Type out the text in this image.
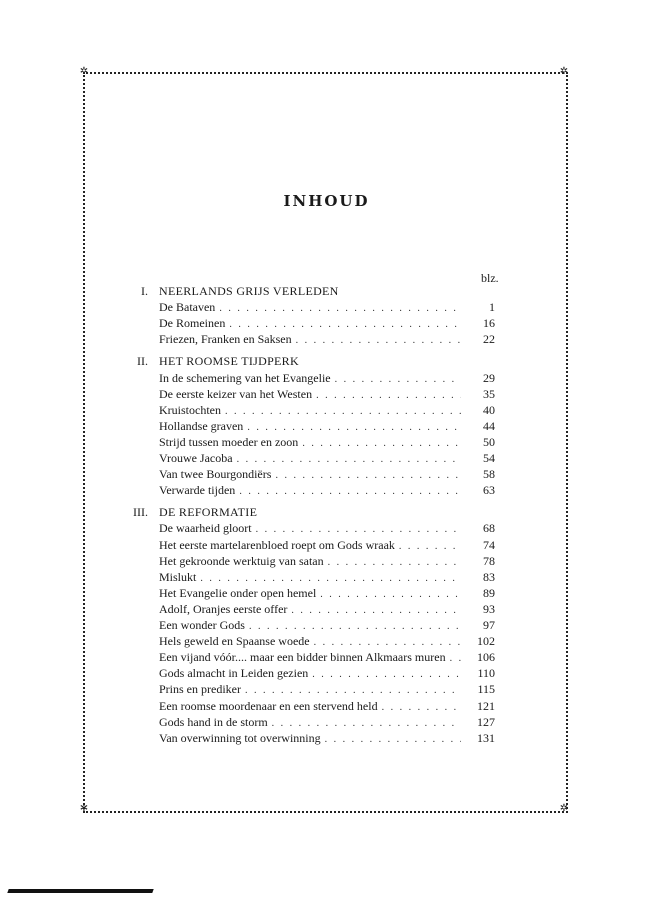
✲	✲
✲	✲
INHOUD
blz.
I. NEERLANDS GRIJS VERLEDEN
De Bataven . . .	1
De Romeinen . . .	16
Friezen, Franken en Saksen . . .	22
II. HET ROOMSE TIJDPERK
In de schemering van het Evangelie . . .	29
De eerste keizer van het Westen . . .	35
Kruistochten . . .	40
Hollandse graven . . .	44
Strijd tussen moeder en zoon . . .	50
Vrouwe Jacoba . . .	54
Van twee Bourgondiërs . . .	58
Verwarde tijden . . .	63
III. DE REFORMATIE
De waarheid gloort . . .	68
Het eerste martelarenbloed roept om Gods wraak . . .	74
Het gekroonde werktuig van satan . . .	78
Mislukt . . .	83
Het Evangelie onder open hemel . . .	89
Adolf, Oranjes eerste offer . . .	93
Een wonder Gods . . .	97
Hels geweld en Spaanse woede . . .	102
Een vijand vóór.... maar een bidder binnen Alkmaars muren . . .	106
Gods almacht in Leiden gezien . . .	110
Prins en prediker . . .	115
Een roomse moordenaar en een stervend held . . .	121
Gods hand in de storm . . .	127
Van overwinning tot overwinning . . .	131
